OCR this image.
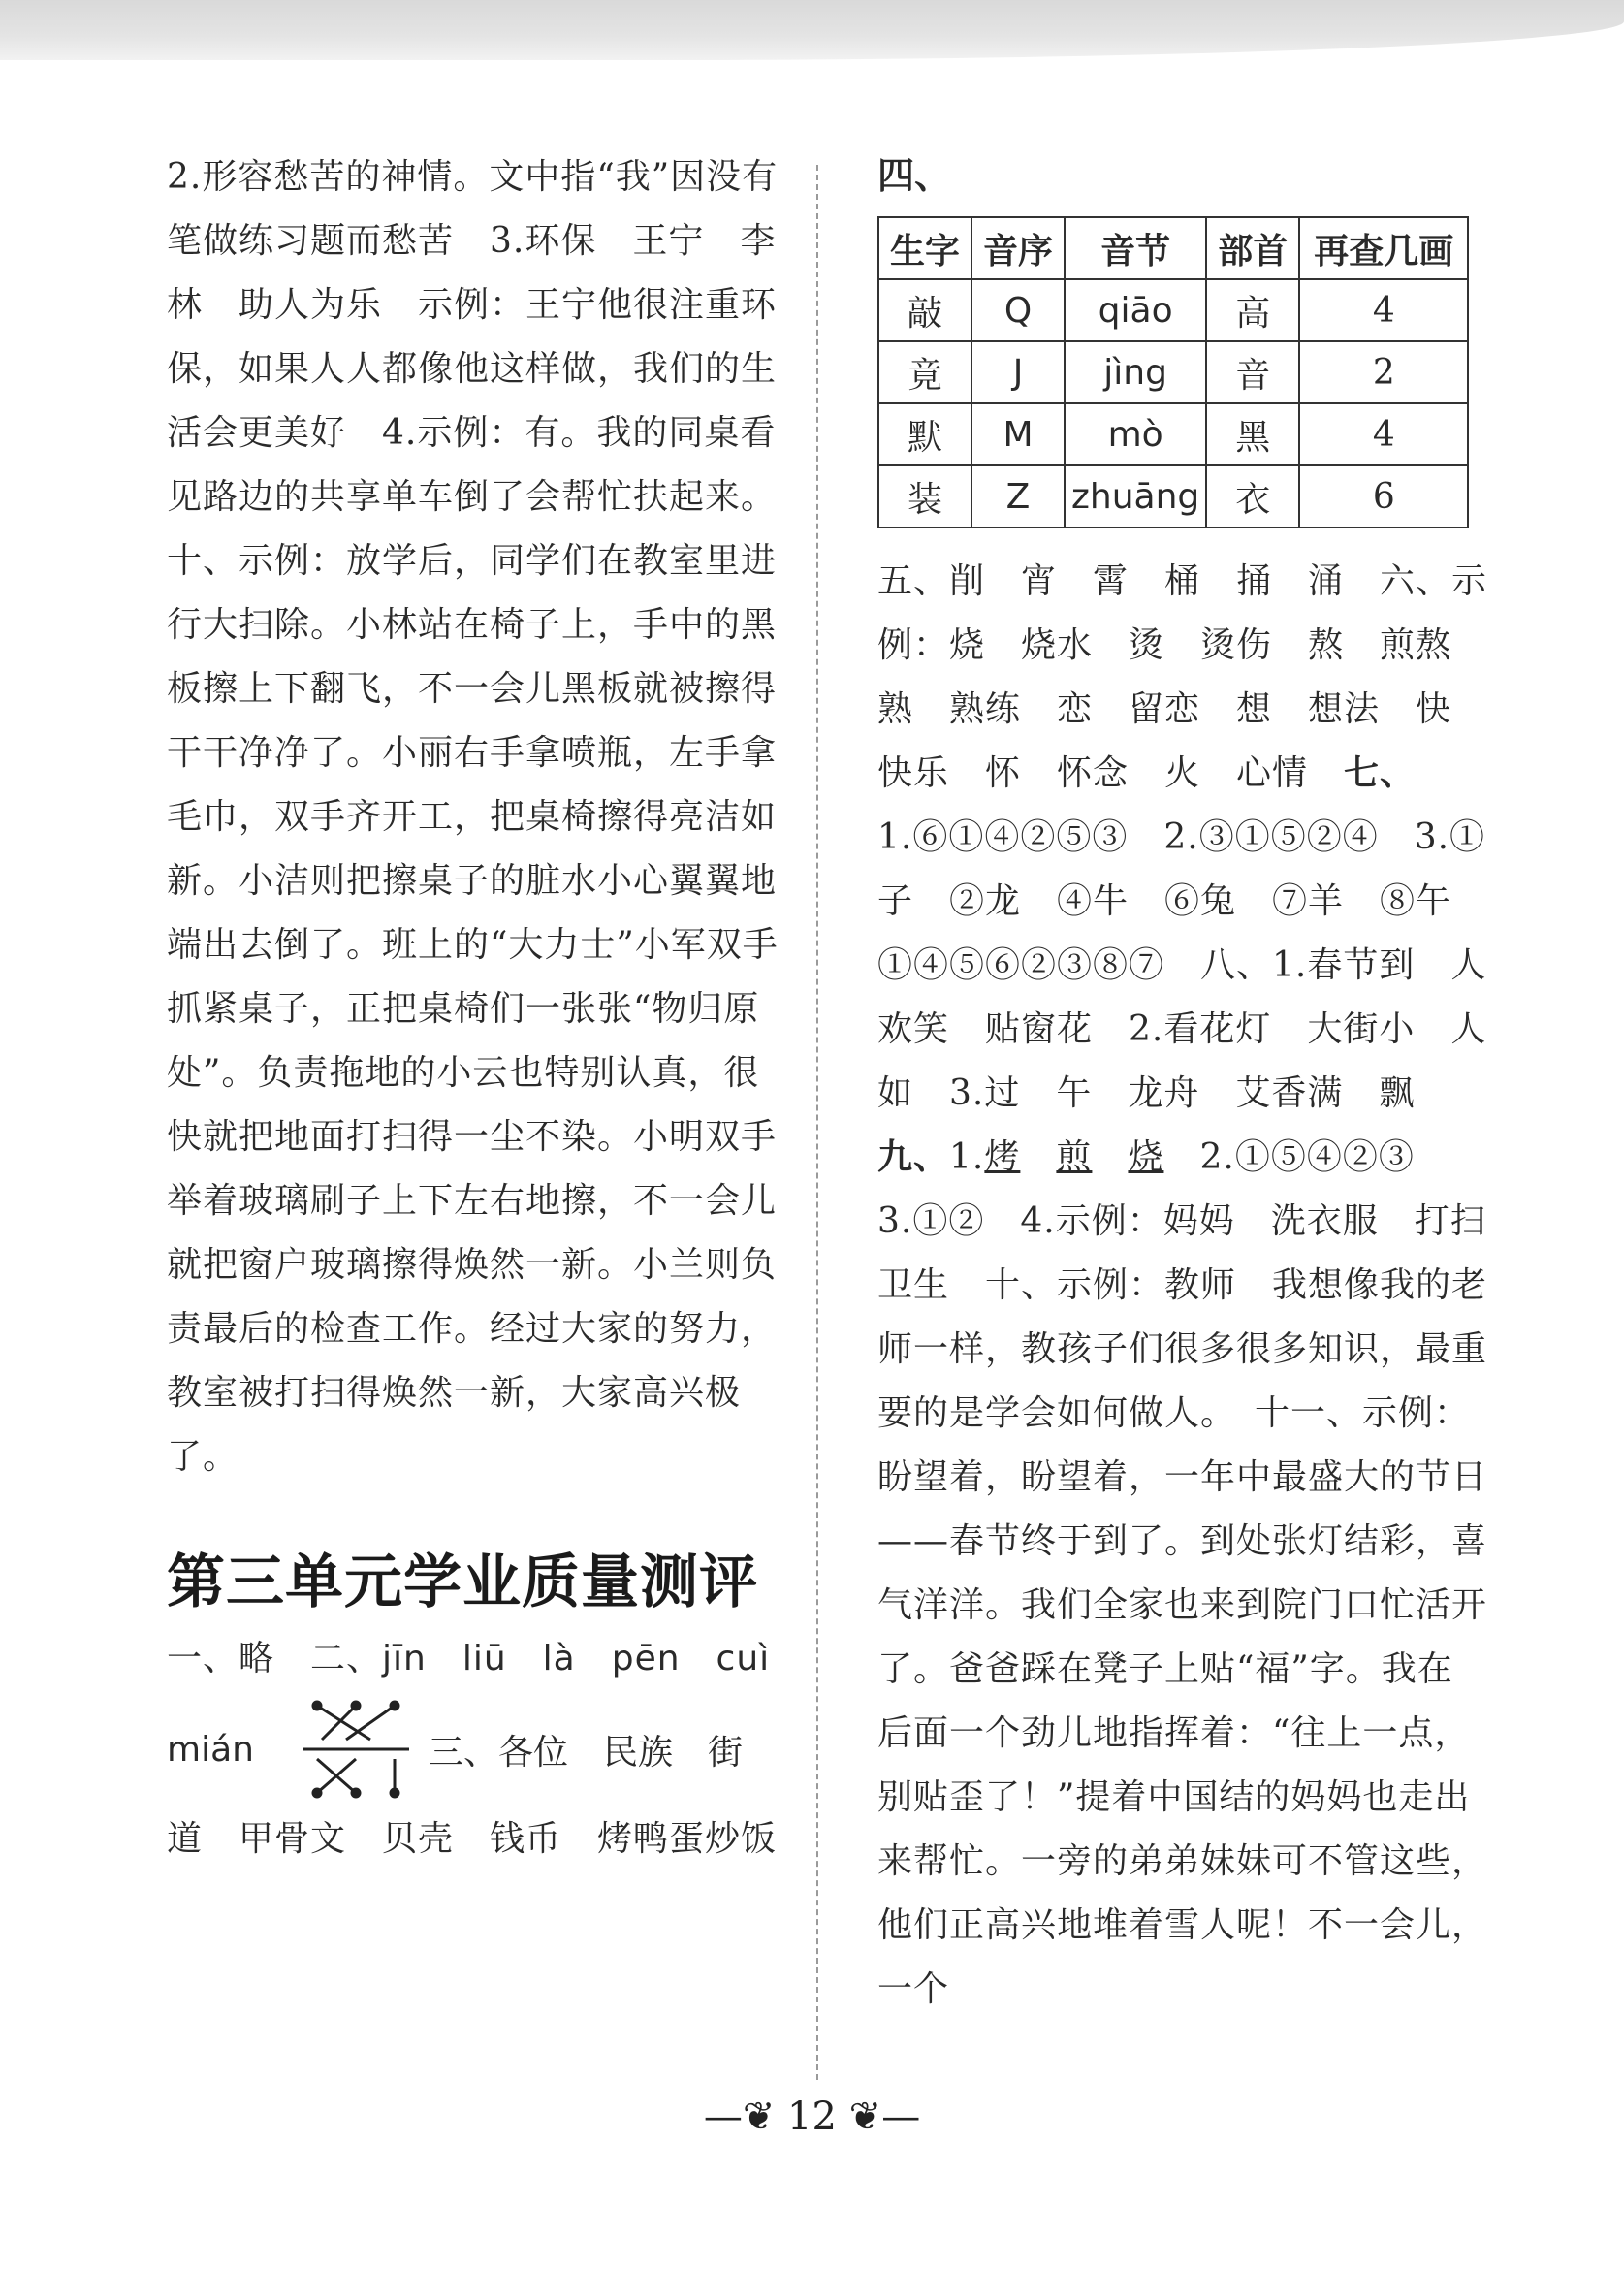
2.形容愁苦的神情。文中指“我”因没有笔做练习题而愁苦　3.环保　王宁　李林　助人为乐　示例：王宁他很注重环保，如果人人都像他这样做，我们的生活会更美好　4.示例：有。我的同桌看见路边的共享单车倒了会帮忙扶起来。　十、示例：放学后，同学们在教室里进行大扫除。小林站在椅子上，手中的黑板擦上下翻飞，不一会儿黑板就被擦得干干净净了。小丽右手拿喷瓶，左手拿毛巾，双手齐开工，把桌椅擦得亮洁如新。小洁则把擦桌子的脏水小心翼翼地端出去倒了。班上的“大力士”小军双手抓紧桌子，正把桌椅们一张张“物归原处”。负责拖地的小云也特别认真，很快就把地面打扫得一尘不染。小明双手举着玻璃刷子上下左右地擦，不一会儿就把窗户玻璃擦得焕然一新。小兰则负责最后的检查工作。经过大家的努力，教室被打扫得焕然一新，大家高兴极了。

第三单元学业质量测评

一、略　二、jīn　liū　là　pēn　cuì

mián	三、各位　民族　街

道　甲骨文　贝壳　钱币　烤鸭蛋炒饭

四、
生字	音序	音节	部首	再查几画
敲	Q	qiāo	高	4
竟	J	jìng	音	2
默	M	mò	黑	4
装	Z	zhuāng	衣	6

五、削　宵　霄　桶　捅　涌　六、示例：烧　烧水　烫　烫伤　熬　煎熬　熟　熟练　恋　留恋　想　想法　快　快乐　怀　怀念　火　心情　七、1.⑥①④②⑤③　2.③①⑤②④　3.①子　②龙　④牛　⑥兔　⑦羊　⑧午　①④⑤⑥②③⑧⑦　八、1.春节到　人欢笑　贴窗花　2.看花灯　大街小　人如　3.过　午　龙舟　艾香满　飘　九、1.烤　 煎　 烧　 2.①⑤④②③　3.①②　4.示例：妈妈　洗衣服　打扫卫生　十、示例：教师　我想像我的老师一样，教孩子们很多很多知识，最重要的是学会如何做人。　十一、示例：盼望着，盼望着，一年中最盛大的节日——春节终于到了。到处张灯结彩，喜气洋洋。我们全家也来到院门口忙活开了。爸爸踩在凳子上贴“福”字。我在后面一个劲儿地指挥着：“往上一点，别贴歪了！”提着中国结的妈妈也走出来帮忙。一旁的弟弟妹妹可不管这些，他们正高兴地堆着雪人呢！不一会儿，一个

—❦ 12 ❦—
